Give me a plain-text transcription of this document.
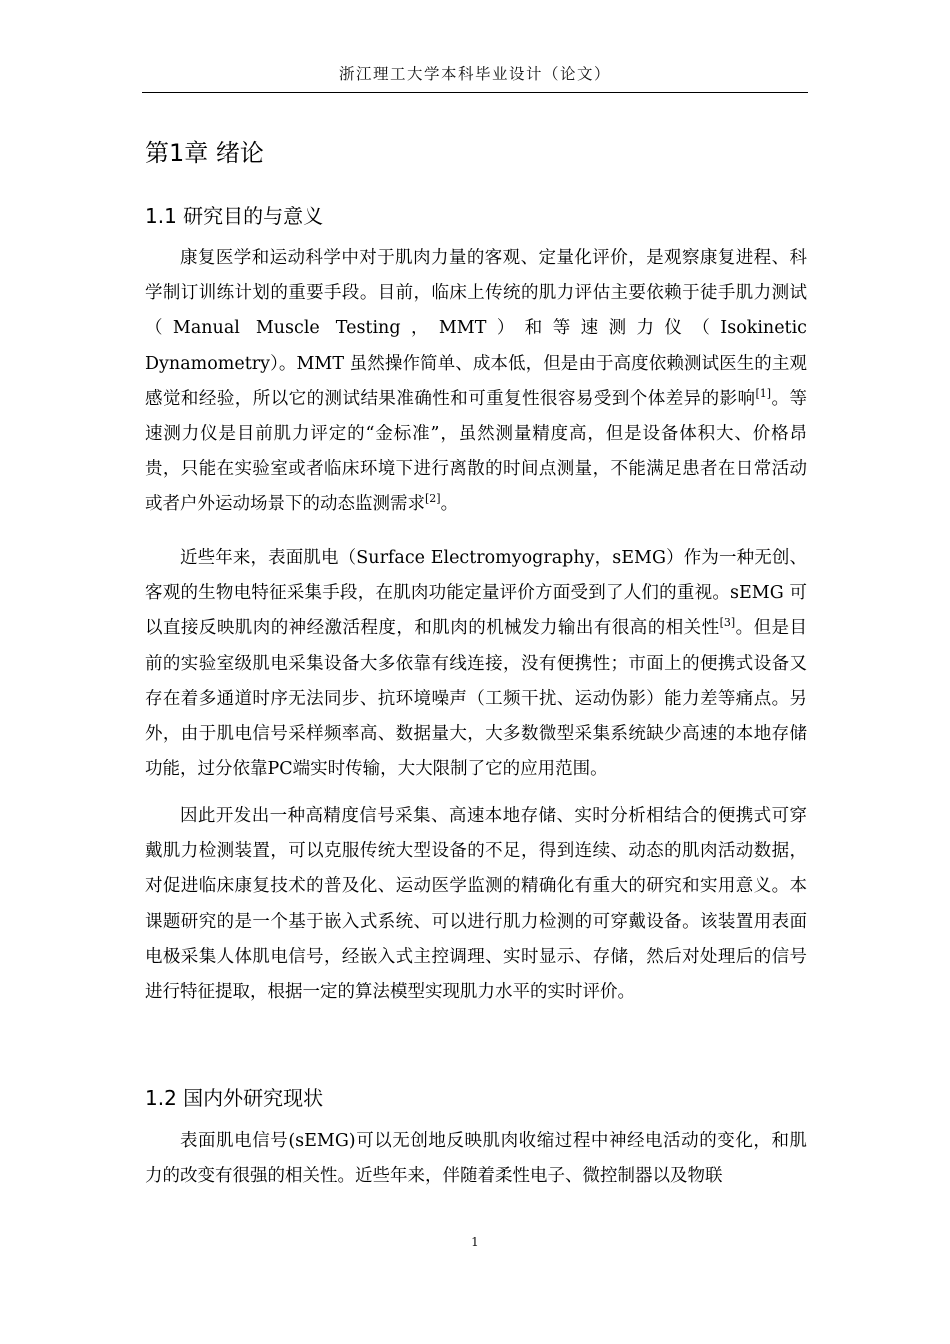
浙江理工大学本科毕业设计（论文）
第1章 绪论
1.1 研究目的与意义

康复医学和运动科学中对于肌肉力量的客观、定量化评价，是观察康复进程、科学制订训练计划的重要手段。目前，临床上传统的肌力评估主要依赖于徒手肌力测试（Manual Muscle Testing，MMT）和等速测力仪（Isokinetic Dynamometry）。MMT 虽然操作简单、成本低，但是由于高度依赖测试医生的主观感觉和经验，所以它的测试结果准确性和可重复性很容易受到个体差异的影响[1]。等速测力仪是目前肌力评定的“金标准”，虽然测量精度高，但是设备体积大、价格昂贵，只能在实验室或者临床环境下进行离散的时间点测量，不能满足患者在日常活动或者户外运动场景下的动态监测需求[2]。

近些年来，表面肌电（Surface Electromyography，sEMG）作为一种无创、客观的生物电特征采集手段，在肌肉功能定量评价方面受到了人们的重视。sEMG 可以直接反映肌肉的神经激活程度，和肌肉的机械发力输出有很高的相关性[3]。但是目前的实验室级肌电采集设备大多依靠有线连接，没有便携性；市面上的便携式设备又存在着多通道时序无法同步、抗环境噪声（工频干扰、运动伪影）能力差等痛点。另外，由于肌电信号采样频率高、数据量大，大多数微型采集系统缺少高速的本地存储功能，过分依靠PC端实时传输，大大限制了它的应用范围。

因此开发出一种高精度信号采集、高速本地存储、实时分析相结合的便携式可穿戴肌力检测装置，可以克服传统大型设备的不足，得到连续、动态的肌肉活动数据，对促进临床康复技术的普及化、运动医学监测的精确化有重大的研究和实用意义。本课题研究的是一个基于嵌入式系统、可以进行肌力检测的可穿戴设备。该装置用表面电极采集人体肌电信号，经嵌入式主控调理、实时显示、存储，然后对处理后的信号进行特征提取，根据一定的算法模型实现肌力水平的实时评价。

1.2 国内外研究现状

表面肌电信号(sEMG)可以无创地反映肌肉收缩过程中神经电活动的变化，和肌力的改变有很强的相关性。近些年来，伴随着柔性电子、微控制器以及物联

1
